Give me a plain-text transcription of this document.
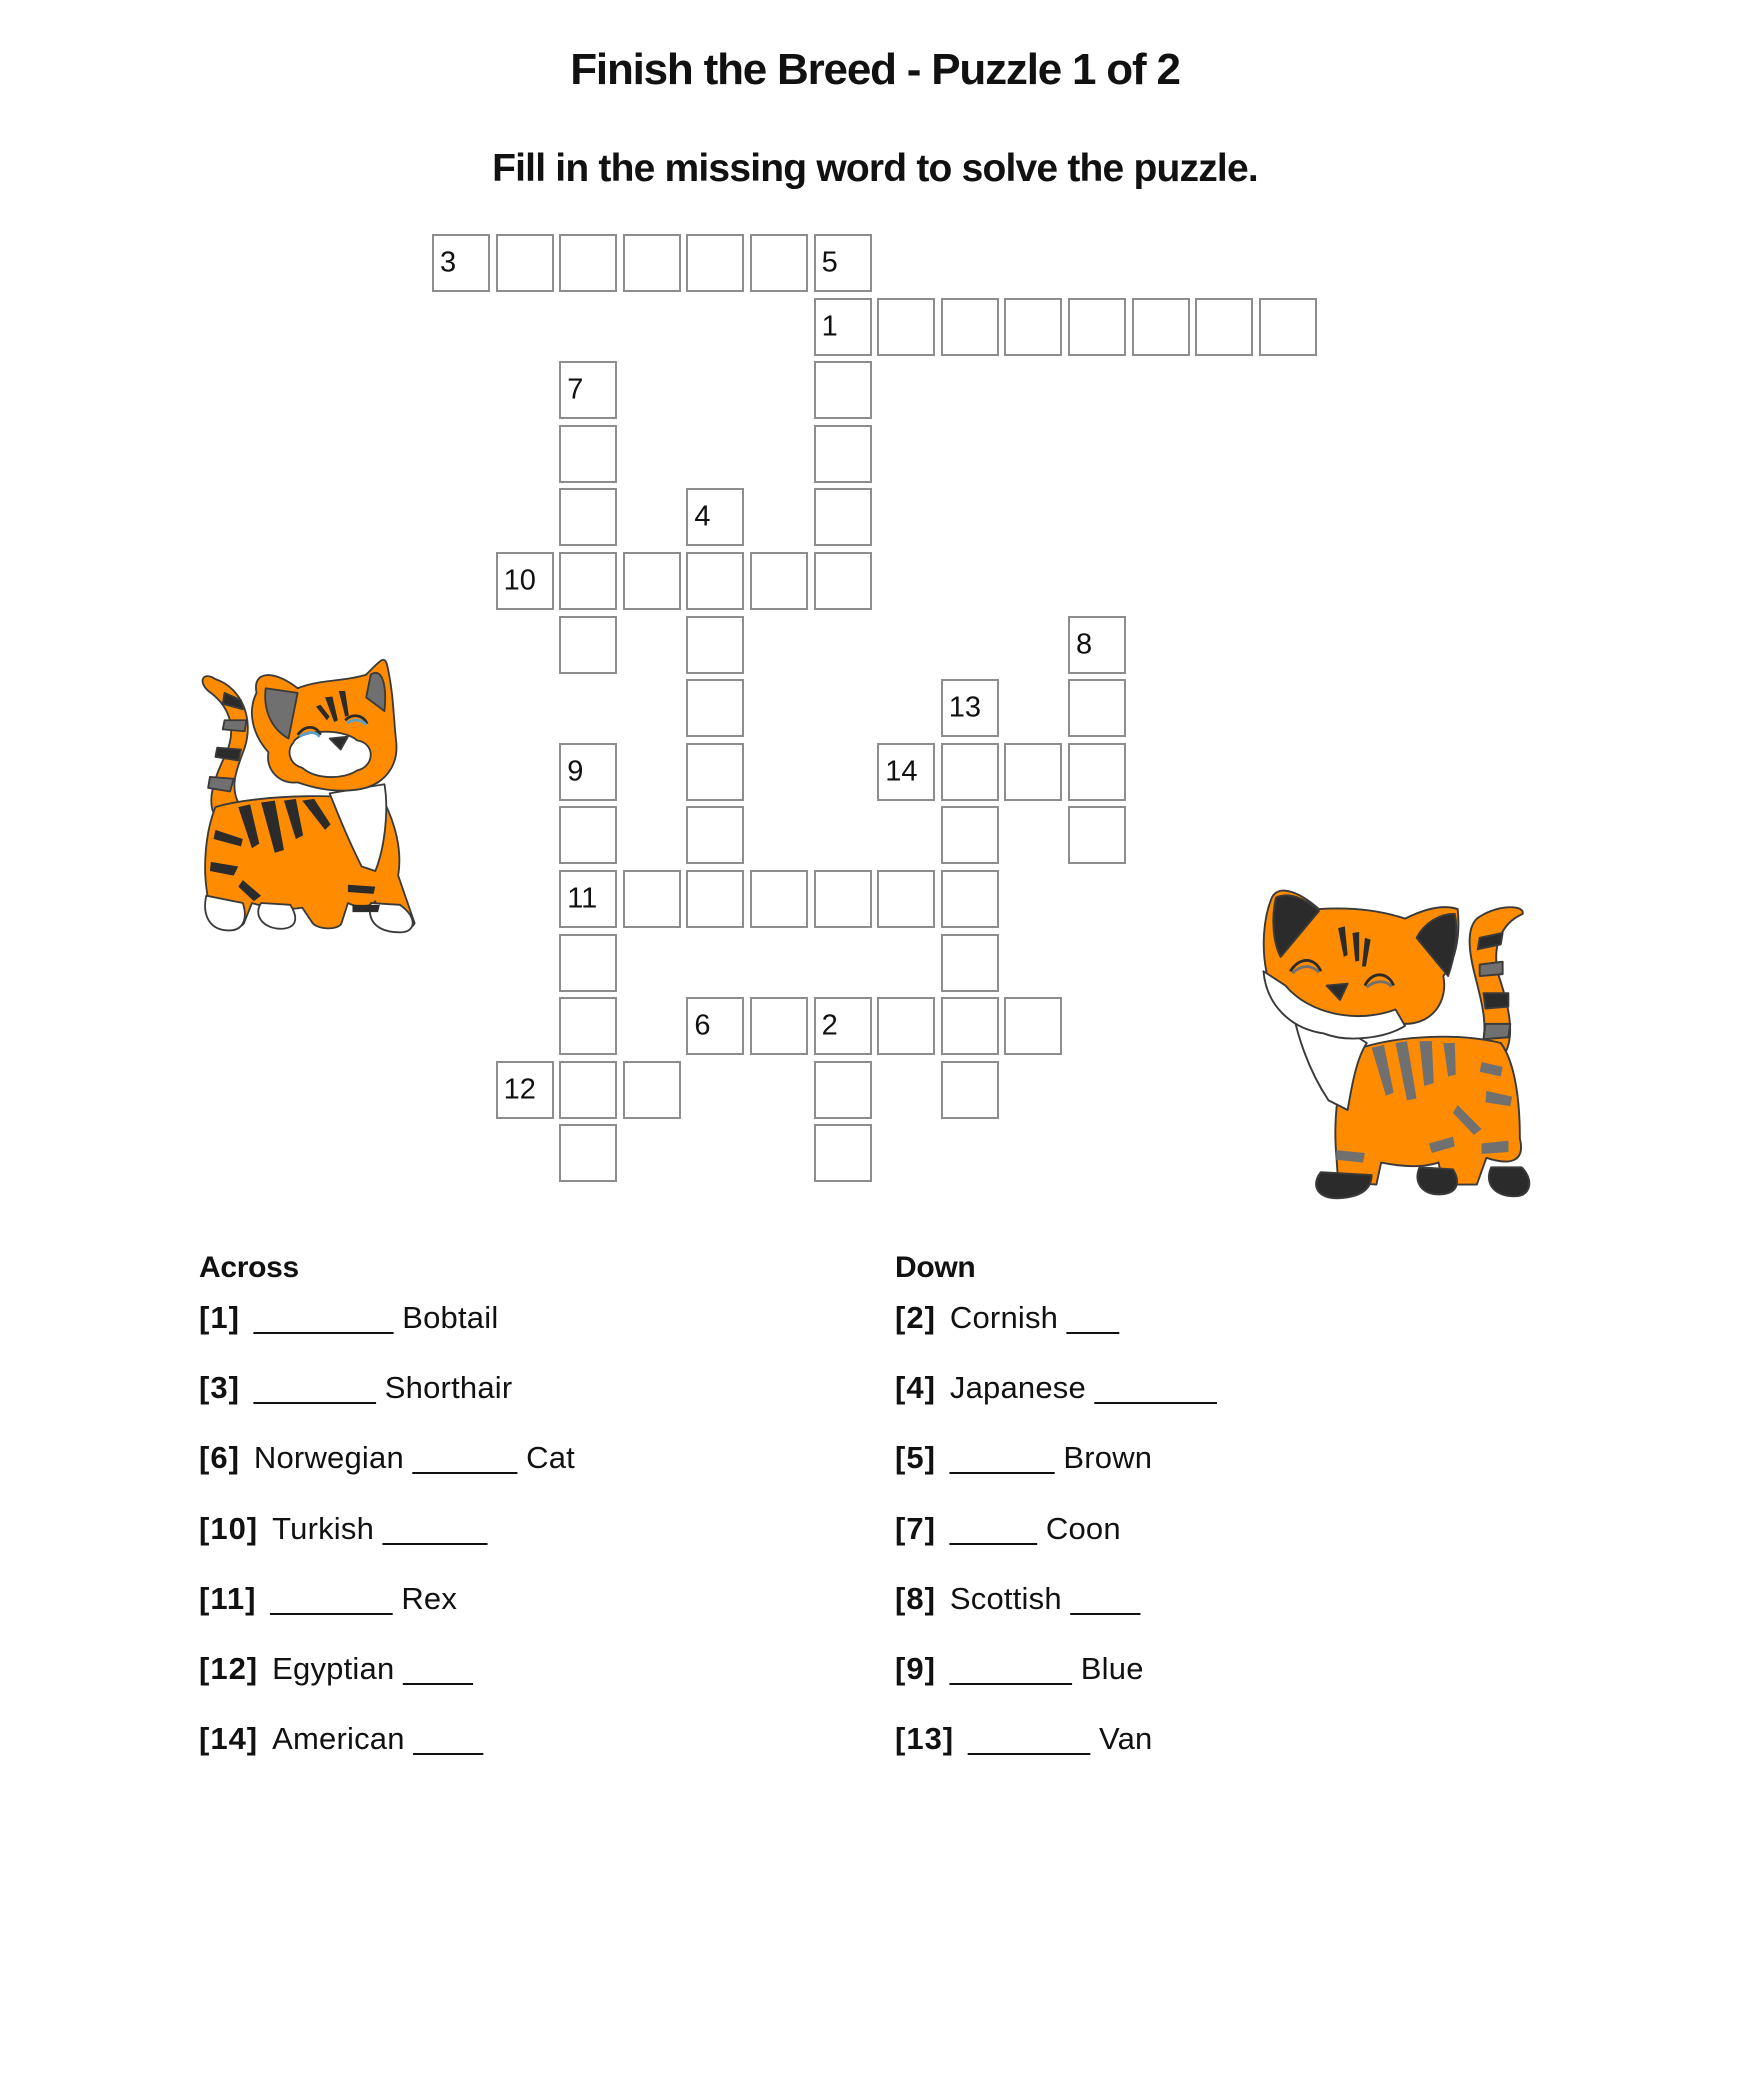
Finish the Breed - Puzzle 1 of 2
Fill in the missing word to solve the puzzle.
3	5
1
7
4
10
8
13
9	14
11
6	2
12
Across
[1] ________ Bobtail
[3] _______ Shorthair
[6] Norwegian ______ Cat
[10] Turkish ______
[11] _______ Rex
[12] Egyptian ____
[14] American ____
Down
[2] Cornish ___
[4] Japanese _______
[5] ______ Brown
[7] _____ Coon
[8] Scottish ____
[9] _______ Blue
[13] _______ Van
